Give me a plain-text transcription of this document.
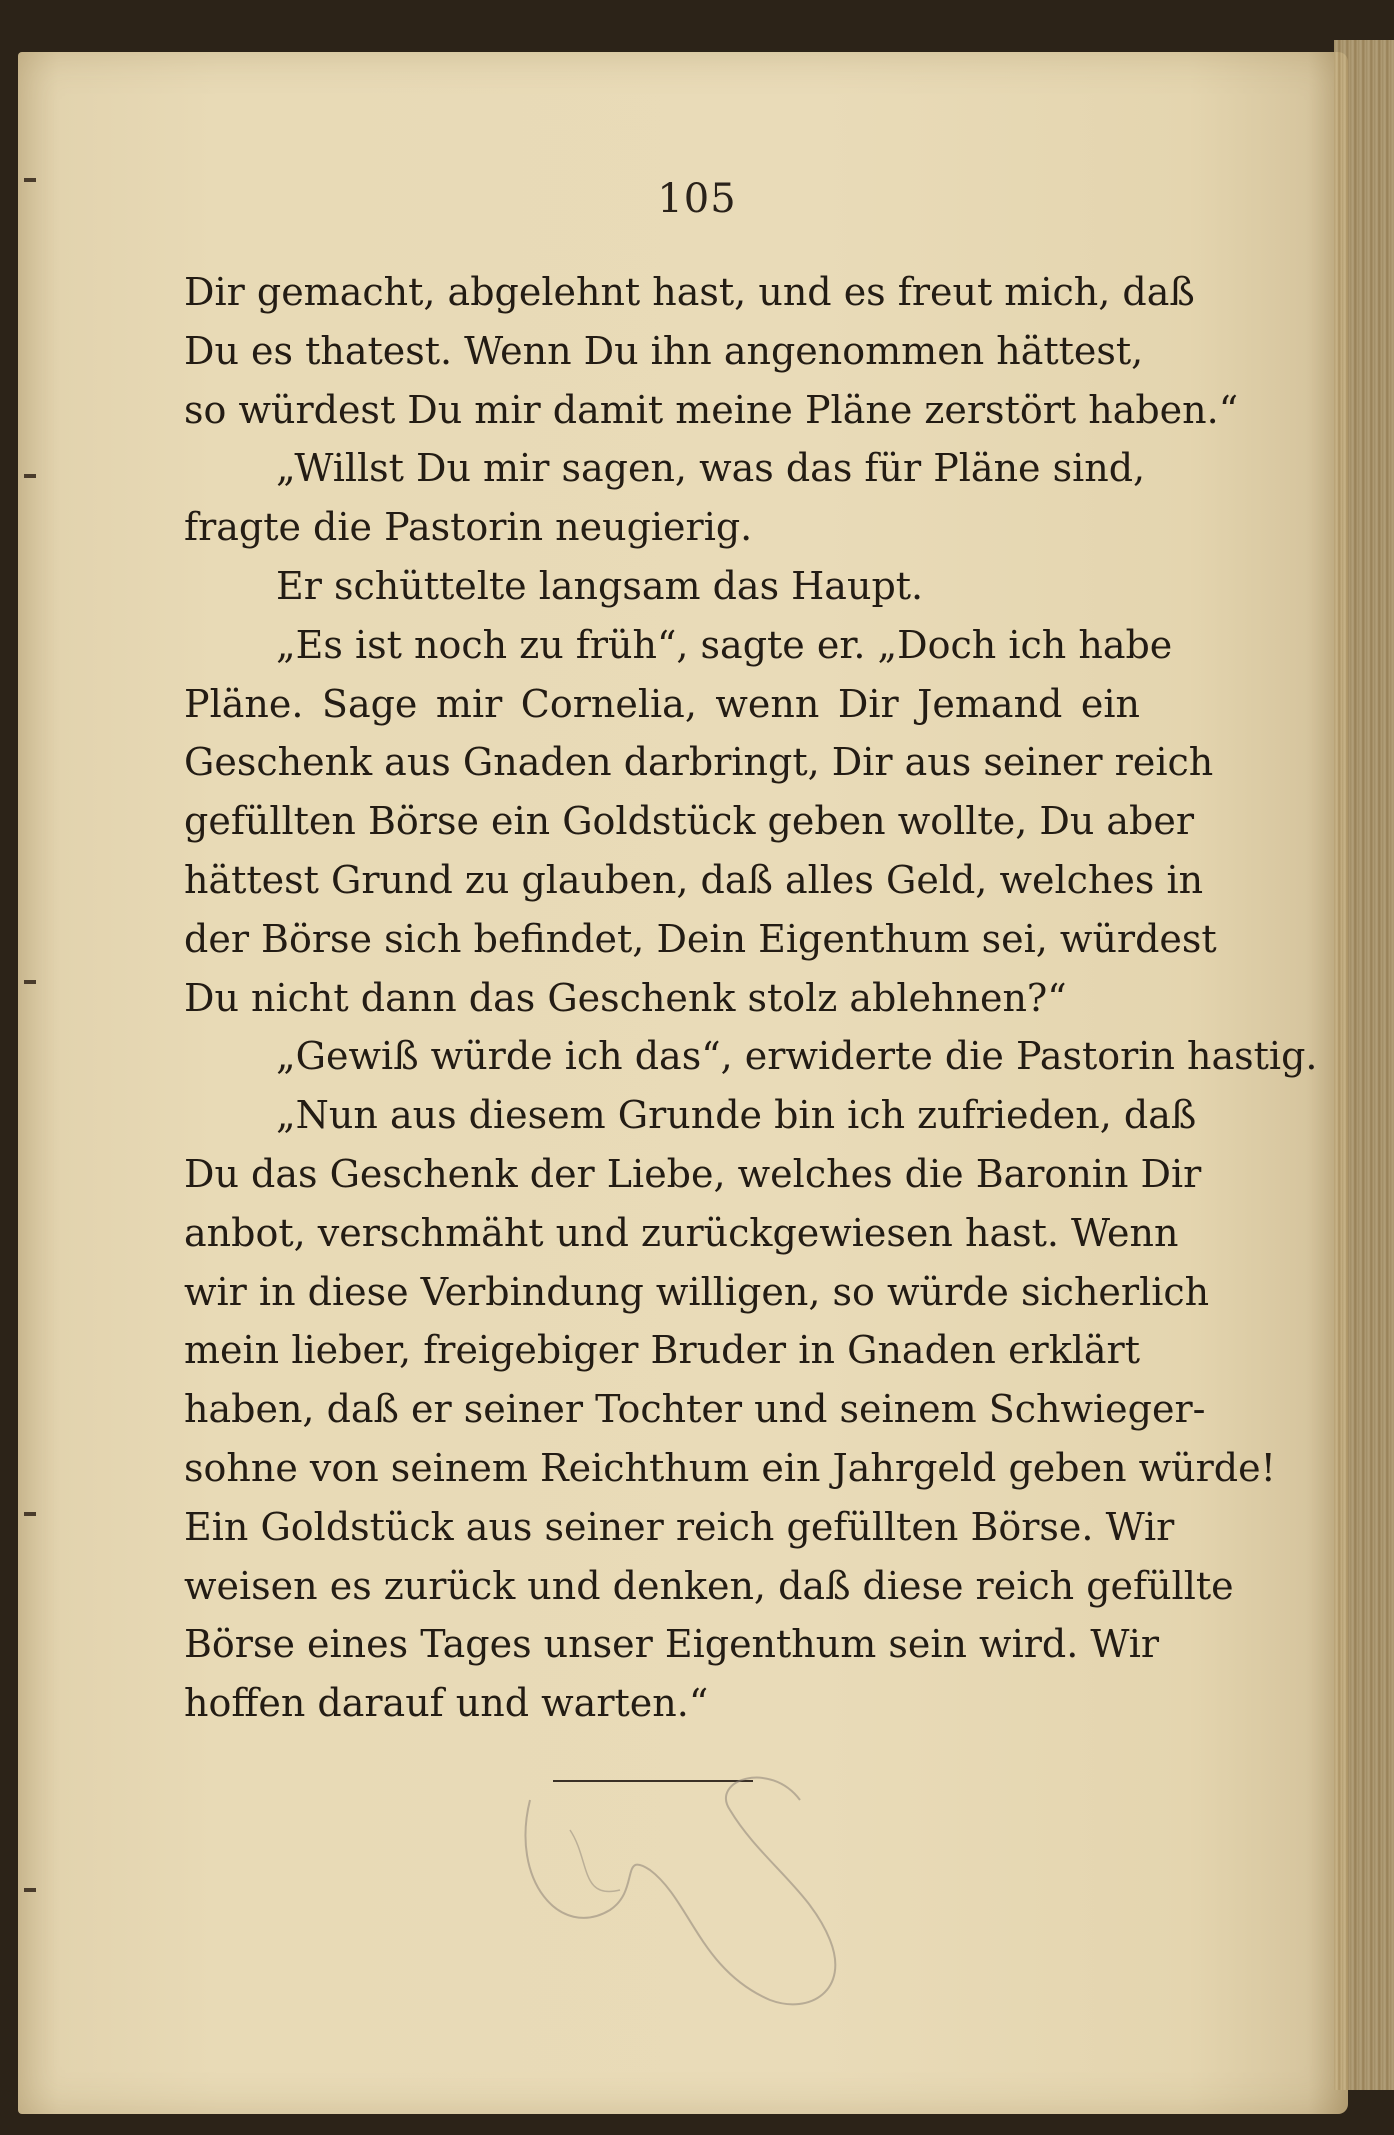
105
Dir gemacht, abgelehnt hast, und es freut mich, daß
Du es thatest. Wenn Du ihn angenommen hättest,
so würdest Du mir damit meine Pläne zerstört haben.“
„Willst Du mir sagen, was das für Pläne sind,
fragte die Pastorin neugierig.
Er schüttelte langsam das Haupt.
„Es ist noch zu früh“, sagte er. „Doch ich habe
Pläne. Sage mir Cornelia, wenn Dir Jemand ein
Geschenk aus Gnaden darbringt, Dir aus seiner reich
gefüllten Börse ein Goldstück geben wollte, Du aber
hättest Grund zu glauben, daß alles Geld, welches in
der Börse sich befindet, Dein Eigenthum sei, würdest
Du nicht dann das Geschenk stolz ablehnen?“
„Gewiß würde ich das“, erwiderte die Pastorin hastig.
„Nun aus diesem Grunde bin ich zufrieden, daß
Du das Geschenk der Liebe, welches die Baronin Dir
anbot, verschmäht und zurückgewiesen hast. Wenn
wir in diese Verbindung willigen, so würde sicherlich
mein lieber, freigebiger Bruder in Gnaden erklärt
haben, daß er seiner Tochter und seinem Schwieger-
sohne von seinem Reichthum ein Jahrgeld geben würde!
Ein Goldstück aus seiner reich gefüllten Börse. Wir
weisen es zurück und denken, daß diese reich gefüllte
Börse eines Tages unser Eigenthum sein wird. Wir
hoffen darauf und warten.“
